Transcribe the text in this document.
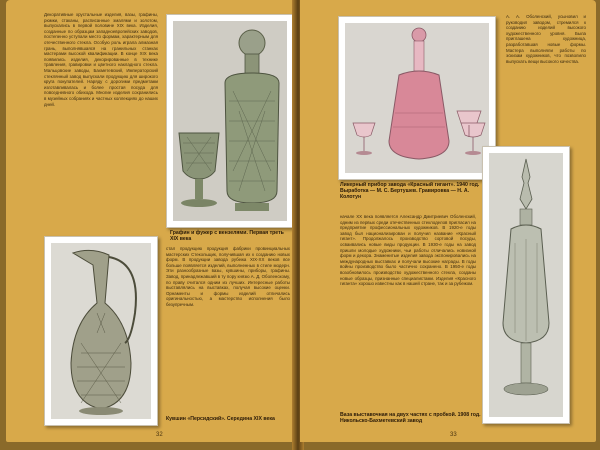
Декоративные хрустальные изделия, вазы, графины, рюмки, стаканы, расписанные эмалями и золотом, выпускались в первой половине XIX века. Изделия, созданные по образцам западноевропейских заводов, постепенно уступали место формам, характерным для отечественного стекла. Особую роль играла алмазная грань, выполнявшаяся на гранильных станках мастерами высокой квалификации. В конце XIX века появились изделия, декорированные в технике травления, гравировки и цветного накладного стекла. Мальцовские заводы, Бахметевский, Императорский стеклянный завод выпускали продукцию для широкого круга покупателей. Наряду с дорогими предметами изготавливалась и более простая посуда для повседневного обихода. Многие изделия сохранились в музейных собраниях и частных коллекциях до наших дней.
Графин и фужер с вензелями. Первая треть XIX века
стал продукцию продукция фабрики провинциальных мастерских Стекольщик, получившая их к созданию новых форм. В продукции завода рубежа XIX-XX веков все больше появляется изделий, выполненных в стиле модерн. Эти разнообразные вазы, кувшины, приборы, графины. Завод, принадлежавший в ту пору князю А. Д. Оболенскому, по праву считался одним из лучших. Интересные работы выставлялись на выставках, получая высокие оценки. Орнаменты и формы изделий отличались оригинальностью, а мастерство исполнения было безупречным.
Кувшин «Персидский». Середина XIX века
32
А. А. Оболенский, усыновил и руководил заводом, стремился к созданию изделий высокого художественного уровня. Была приглашена художница, разработавшая новые формы. Мастера выполняли работы по эскизам художников, что позволило выпускать вещи высокого качества.
Ликерный прибор завода «Красный гигант». 1940 год. Выработка — М. С. Бертушев. Гравировка — Н. А. Колотун
начале XX века появляется Александр Дмитриевич Оболенский, одним из первых среди отечественных стеклоделов пригласил на предприятие профессиональных художников. В 1920-е годы завод был национализирован и получил название «Красный гигант». Продолжалось производство сортовой посуды, осваивались новые виды продукции. В 1930-е годы на завод пришли молодые художники, чьи работы отличались новизной форм и декора. Знаменитые изделия завода экспонировались на международных выставках и получали высокие награды. В годы войны производство было частично сохранено. В 1950-е годы возобновилось производство художественного стекла, созданы новые образцы, признанные специалистами. Изделия «Красного гиганта» хорошо известны как в нашей стране, так и за рубежом.
Ваза выставочная на двух частях с пробкой. 1908 год. Никольско-Бахметевский завод
33
